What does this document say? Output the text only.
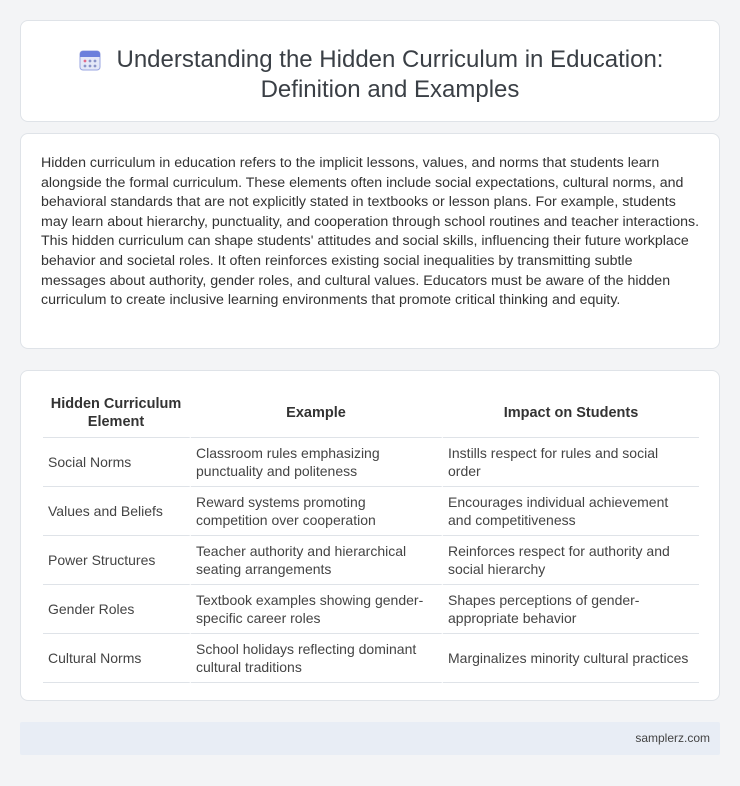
Understanding the Hidden Curriculum in Education: Definition and Examples

Hidden curriculum in education refers to the implicit lessons, values, and norms that students learn alongside the formal curriculum. These elements often include social expectations, cultural norms, and behavioral standards that are not explicitly stated in textbooks or lesson plans. For example, students may learn about hierarchy, punctuality, and cooperation through school routines and teacher interactions. This hidden curriculum can shape students' attitudes and social skills, influencing their future workplace behavior and societal roles. It often reinforces existing social inequalities by transmitting subtle messages about authority, gender roles, and cultural values. Educators must be aware of the hidden curriculum to create inclusive learning environments that promote critical thinking and equity.

Hidden Curriculum Element	Example	Impact on Students
Social Norms	Classroom rules emphasizing punctuality and politeness	Instills respect for rules and social order
Values and Beliefs	Reward systems promoting competition over cooperation	Encourages individual achievement and competitiveness
Power Structures	Teacher authority and hierarchical seating arrangements	Reinforces respect for authority and social hierarchy
Gender Roles	Textbook examples showing gender-specific career roles	Shapes perceptions of gender-appropriate behavior
Cultural Norms	School holidays reflecting dominant cultural traditions	Marginalizes minority cultural practices
samplerz.com
